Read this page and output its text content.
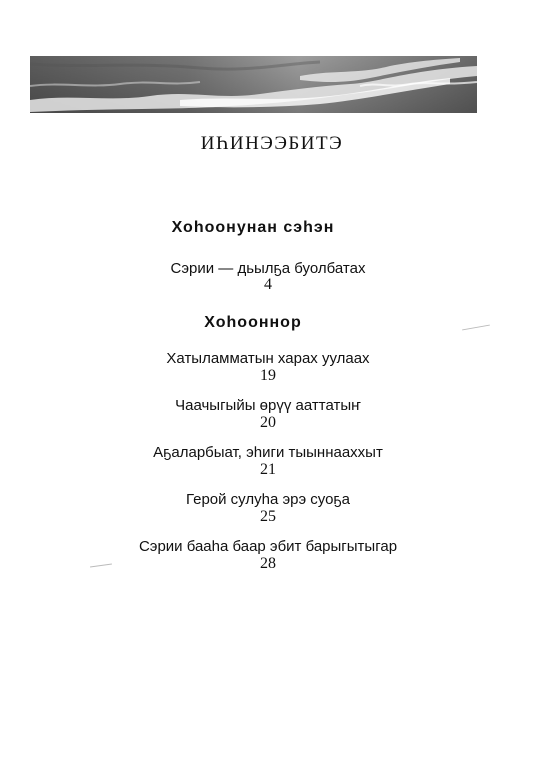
ИҺИНЭЭБИТЭ
Хоһоонунан сэһэн
Сэрии — дьылҕа буолбатах
4
Хоһооннор
Хатыламматын харах уулаах
19
Чаачыгыйы өрүү ааттатыҥ
20
Аҕаларбыат, эһиги тыыннааххыт
21
Герой сулуһа эрэ суоҕа
25
Сэрии бааһа баар эбит барыгытыгар
28
